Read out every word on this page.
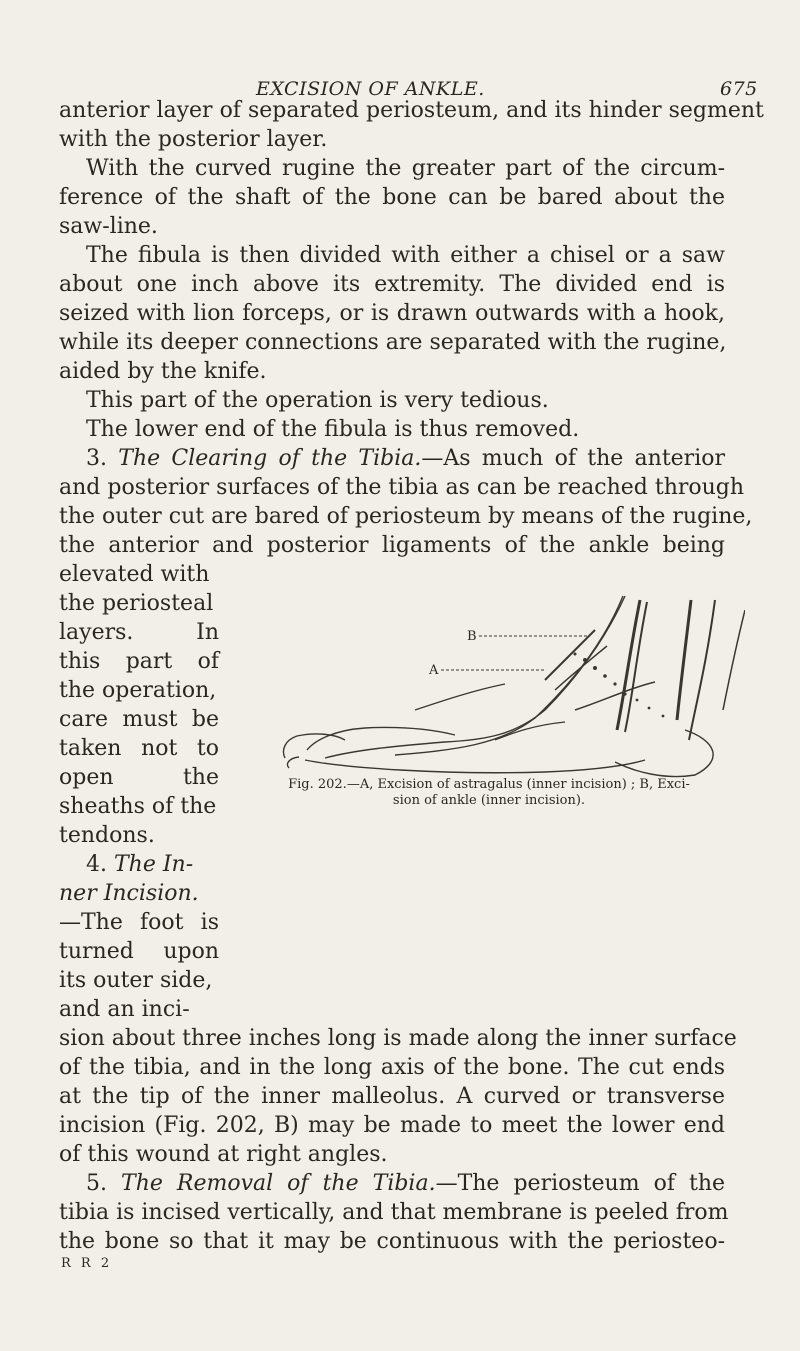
EXCISION OF ANKLE.	675
anterior layer of separated periosteum, and its hinder segment
with the posterior layer.
With the curved rugine the greater part of the circum-
ference of the shaft of the bone can be bared about the
saw-line.
The fibula is then divided with either a chisel or a saw
about one inch above its extremity. The divided end is
seized with lion forceps, or is drawn outwards with a hook,
while its deeper connections are separated with the rugine,
aided by the knife.
This part of the operation is very tedious.
The lower end of the fibula is thus removed.
3. The Clearing of the Tibia.—As much of the anterior
and posterior surfaces of the tibia as can be reached through
the outer cut are bared of periosteum by means of the rugine,
the anterior and posterior ligaments of the ankle being
elevated with
the periosteal
layers. In
this part of
the operation,
care must be
taken not to
open the
sheaths of the
tendons.
4. The In-
ner Incision.
—The foot is
turned upon
its outer side,
and an inci-
sion about three inches long is made along the inner surface
of the tibia, and in the long axis of the bone. The cut ends
at the tip of the inner malleolus. A curved or transverse
incision (Fig. 202, B) may be made to meet the lower end
of this wound at right angles.
5. The Removal of the Tibia.—The periosteum of the
tibia is incised vertically, and that membrane is peeled from
the bone so that it may be continuous with the periosteo-
B
A
Fig. 202.—A, Excision of astragalus (inner incision) ; B, Exci-
sion of ankle (inner incision).
R R 2
